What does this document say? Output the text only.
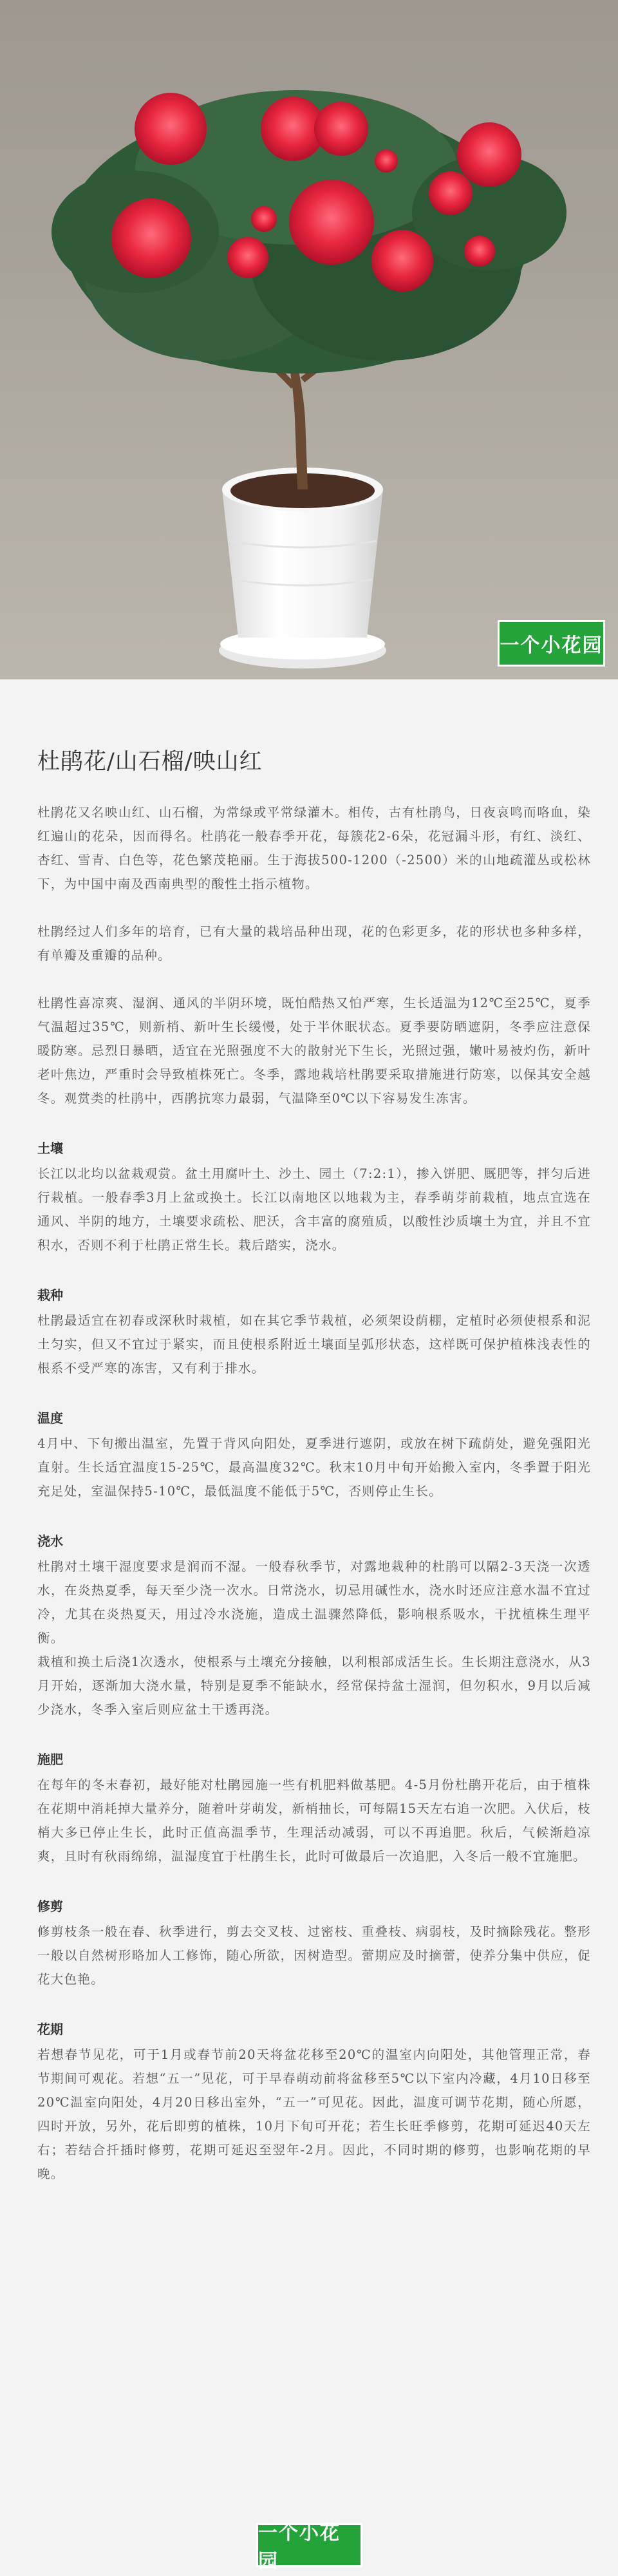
一个小花园
杜鹃花/山石榴/映山红

杜鹃花又名映山红、山石榴，为常绿或平常绿灌木。相传，古有杜鹃鸟，日夜哀鸣而咯血，染红遍山的花朵，因而得名。杜鹃花一般春季开花，每簇花2-6朵，花冠漏斗形，有红、淡红、杏红、雪青、白色等，花色繁茂艳丽。生于海拔500-1200（-2500）米的山地疏灌丛或松林下，为中国中南及西南典型的酸性土指示植物。

杜鹃经过人们多年的培育，已有大量的栽培品种出现，花的色彩更多，花的形状也多种多样，有单瓣及重瓣的品种。

杜鹃性喜凉爽、湿润、通风的半阴环境，既怕酷热又怕严寒，生长适温为12℃至25℃，夏季气温超过35℃，则新梢、新叶生长缓慢，处于半休眠状态。夏季要防晒遮阴，冬季应注意保暖防寒。忌烈日暴晒，适宜在光照强度不大的散射光下生长，光照过强，嫩叶易被灼伤，新叶老叶焦边，严重时会导致植株死亡。冬季，露地栽培杜鹃要采取措施进行防寒，以保其安全越冬。观赏类的杜鹃中，西鹃抗寒力最弱，气温降至0℃以下容易发生冻害。

土壤

长江以北均以盆栽观赏。盆土用腐叶土、沙土、园土（7:2:1），掺入饼肥、厩肥等，拌匀后进行栽植。一般春季3月上盆或换土。长江以南地区以地栽为主，春季萌芽前栽植，地点宜选在通风、半阴的地方，土壤要求疏松、肥沃，含丰富的腐殖质，以酸性沙质壤土为宜，并且不宜积水，否则不利于杜鹃正常生长。栽后踏实，浇水。

栽种

杜鹃最适宜在初春或深秋时栽植，如在其它季节栽植，必须架设荫棚，定植时必须使根系和泥土匀实，但又不宜过于紧实，而且使根系附近土壤面呈弧形状态，这样既可保护植株浅表性的根系不受严寒的冻害，又有利于排水。

温度

4月中、下旬搬出温室，先置于背风向阳处，夏季进行遮阴，或放在树下疏荫处，避免强阳光直射。生长适宜温度15-25℃，最高温度32℃。秋末10月中旬开始搬入室内，冬季置于阳光充足处，室温保持5-10℃，最低温度不能低于5℃，否则停止生长。

浇水

杜鹃对土壤干湿度要求是润而不湿。一般春秋季节，对露地栽种的杜鹃可以隔2-3天浇一次透水，在炎热夏季，每天至少浇一次水。日常浇水，切忌用碱性水，浇水时还应注意水温不宜过冷，尤其在炎热夏天，用过冷水浇施，造成土温骤然降低，影响根系吸水，干扰植株生理平衡。

栽植和换土后浇1次透水，使根系与土壤充分接触，以利根部成活生长。生长期注意浇水，从3月开始，逐渐加大浇水量，特别是夏季不能缺水，经常保持盆土湿润，但勿积水，9月以后减少浇水，冬季入室后则应盆土干透再浇。

施肥

在每年的冬末春初，最好能对杜鹃园施一些有机肥料做基肥。4-5月份杜鹃开花后，由于植株在花期中消耗掉大量养分，随着叶芽萌发，新梢抽长，可每隔15天左右追一次肥。入伏后，枝梢大多已停止生长，此时正值高温季节，生理活动减弱，可以不再追肥。秋后，气候渐趋凉爽，且时有秋雨绵绵，温湿度宜于杜鹃生长，此时可做最后一次追肥，入冬后一般不宜施肥。

修剪

修剪枝条一般在春、秋季进行，剪去交叉枝、过密枝、重叠枝、病弱枝，及时摘除残花。整形一般以自然树形略加人工修饰，随心所欲，因树造型。蕾期应及时摘蕾，使养分集中供应，促花大色艳。

花期

若想春节见花，可于1月或春节前20天将盆花移至20℃的温室内向阳处，其他管理正常，春节期间可观花。若想“五一”见花，可于早春萌动前将盆移至5℃以下室内冷藏，4月10日移至20℃温室向阳处，4月20日移出室外，“五一”可见花。因此，温度可调节花期，随心所愿，四时开放，另外，花后即剪的植株，10月下旬可开花；若生长旺季修剪，花期可延迟40天左右；若结合扦插时修剪，花期可延迟至翌年-2月。因此，不同时期的修剪，也影响花期的早晚。

一个小花园
